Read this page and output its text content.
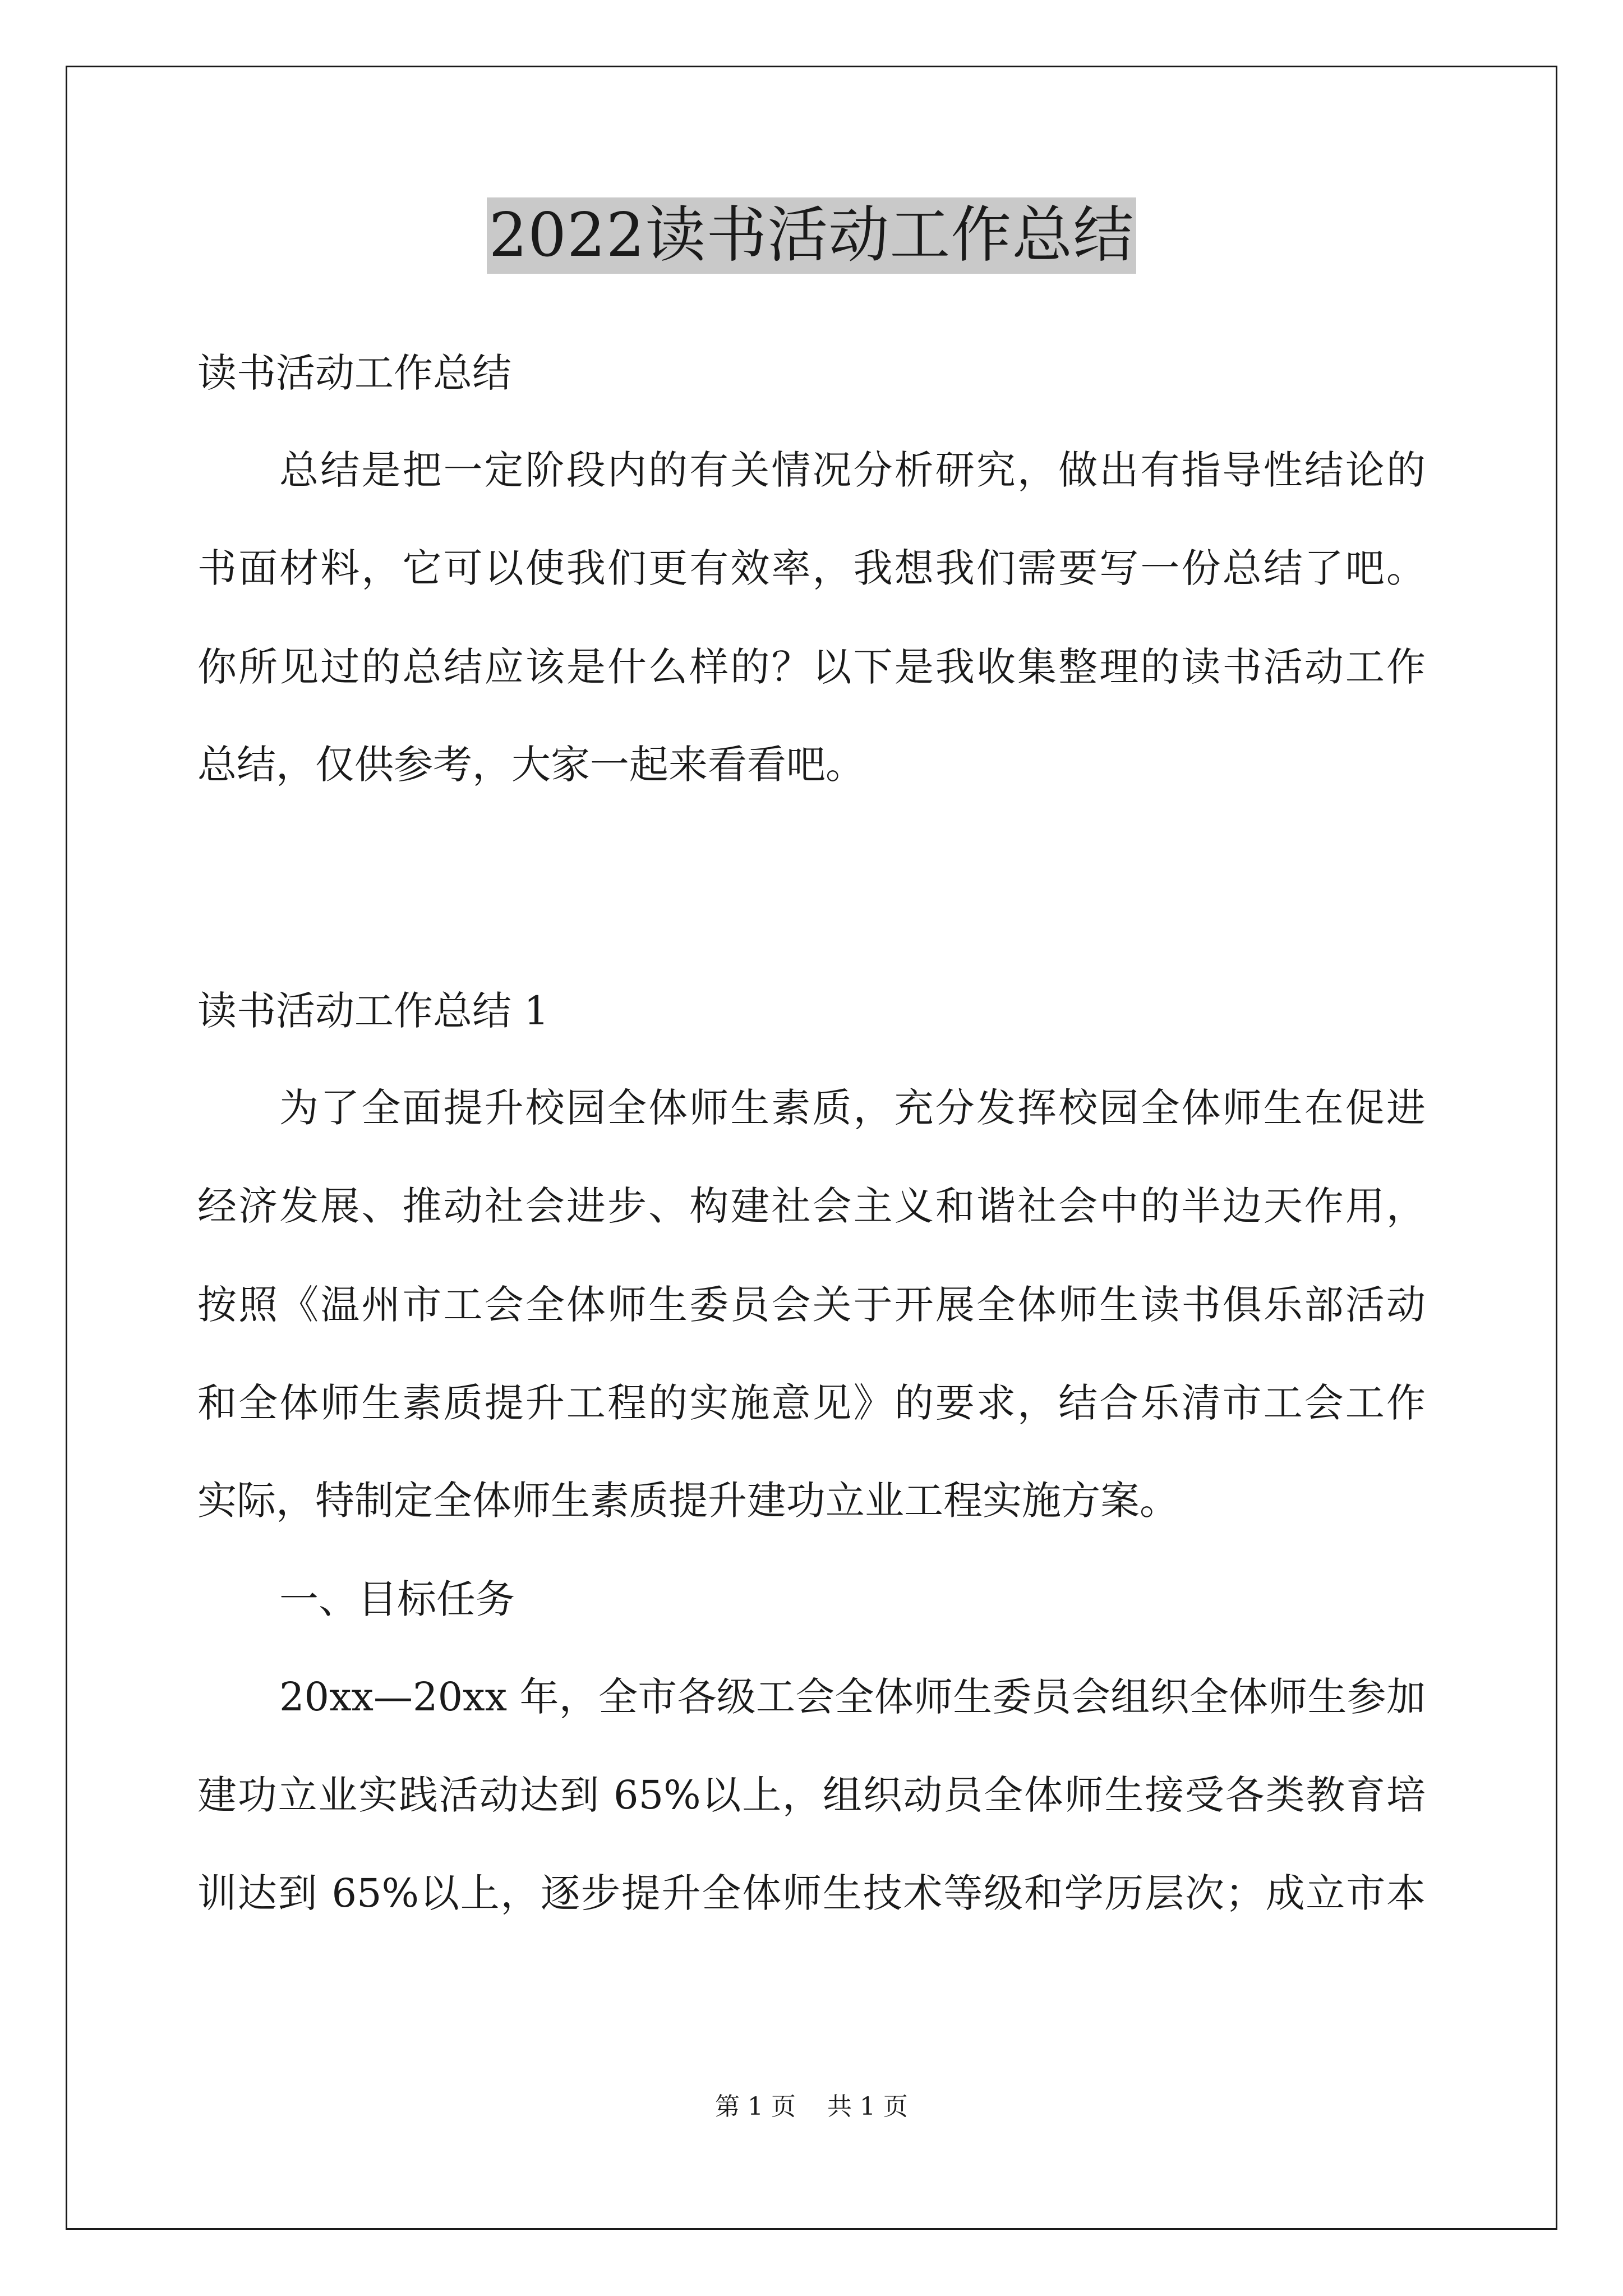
2022读书活动工作总结
读书活动工作总结
总结是把一定阶段内的有关情况分析研究，做出有指导性结论的
书面材料，它可以使我们更有效率，我想我们需要写一份总结了吧。
你所见过的总结应该是什么样的？以下是我收集整理的读书活动工作
总结，仅供参考，大家一起来看看吧。
读书活动工作总结 1
为了全面提升校园全体师生素质，充分发挥校园全体师生在促进
经济发展、推动社会进步、构建社会主义和谐社会中的半边天作用，
按照《温州市工会全体师生委员会关于开展全体师生读书俱乐部活动
和全体师生素质提升工程的实施意见》的要求，结合乐清市工会工作
实际，特制定全体师生素质提升建功立业工程实施方案。
一、目标任务
20xx—20xx 年，全市各级工会全体师生委员会组织全体师生参加
建功立业实践活动达到 65%以上，组织动员全体师生接受各类教育培
训达到 65%以上，逐步提升全体师生技术等级和学历层次；成立市本
第 1 页    共 1 页
